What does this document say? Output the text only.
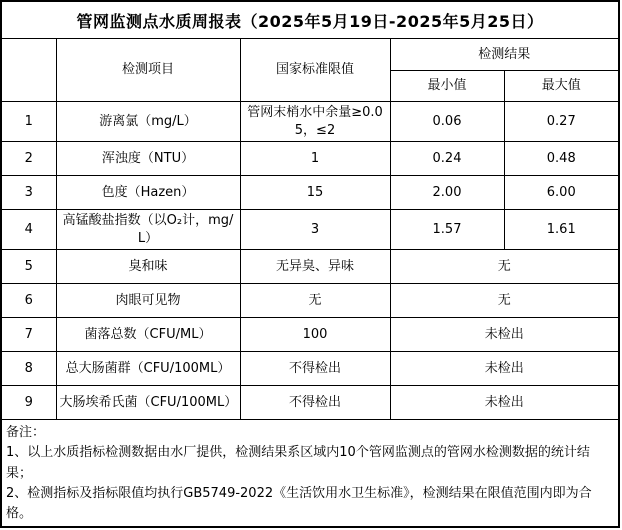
管网监测点水质周报表（2025年5月19日-2025年5月25日）
	检测项目	国家标准限值	检测结果	
			最小值	最大值
1	游离氯（mg/L）	管网末梢水中余量≥0.05，≤2	0.06	0.27
2	浑浊度（NTU）	1	0.24	0.48
3	色度（Hazen）	15	2.00	6.00
4	高锰酸盐指数（以O₂计，mg/L）	3	1.57	1.61
5	臭和味	无异臭、异味	无	
6	肉眼可见物	无	无	
7	菌落总数（CFU/ML）	100	未检出	
8	总大肠菌群（CFU/100ML）	不得检出	未检出	
9	大肠埃希氏菌（CFU/100ML）	不得检出	未检出	
备注：
1、以上水质指标检测数据由水厂提供，检测结果系区域内10个管网监测点的管网水检测数据的统计结果；
2、检测指标及指标限值均执行GB5749-2022《生活饮用水卫生标准》，检测结果在限值范围内即为合格。
